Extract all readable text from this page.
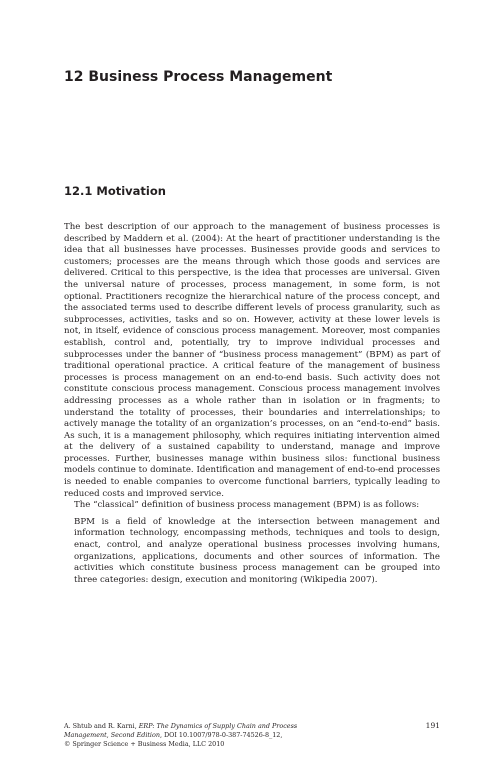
12 Business Process Management
12.1 Motivation

The best description of our approach to the management of business processes is described by Maddern et al. (2004): At the heart of practitioner understanding is the idea that all businesses have processes. Businesses provide goods and services to customers; processes are the means through which those goods and services are delivered. Critical to this perspective, is the idea that processes are universal. Given the universal nature of processes, process management, in some form, is not optional. Practitioners recognize the hierarchical nature of the process concept, and the associated terms used to describe different levels of process granularity, such as subprocesses, activities, tasks and so on. However, activity at these lower levels is not, in itself, evidence of conscious process management. Moreover, most companies establish, control and, potentially, try to improve individual processes and subprocesses under the banner of “business process management” (BPM) as part of traditional operational practice. A critical feature of the management of business processes is process management on an end-to-end basis. Such activity does not constitute conscious process management. Conscious process management involves addressing processes as a whole rather than in isolation or in fragments; to understand the totality of processes, their boundaries and interrelationships; to actively manage the totality of an organization’s processes, on an “end-to-end” basis. As such, it is a management philosophy, which requires initiating intervention aimed at the delivery of a sustained capability to understand, manage and improve processes. Further, businesses manage within business silos: functional business models continue to dominate. Identification and management of end-to-end processes is needed to enable companies to overcome functional barriers, typically leading to reduced costs and improved service.

The “classical” definition of business process management (BPM) is as follows:

BPM is a field of knowledge at the intersection between management and information technology, encompassing methods, techniques and tools to design, enact, control, and analyze operational business processes involving humans, organizations, applications, documents and other sources of information. The activities which constitute business process management can be grouped into three categories: design, execution and monitoring (Wikipedia 2007).

A. Shtub and R. Karni, ERP: The Dynamics of Supply Chain and Process
Management, Second Edition, DOI 10.1007/978-0-387-74526-8_12,
© Springer Science + Business Media, LLC 2010
191
